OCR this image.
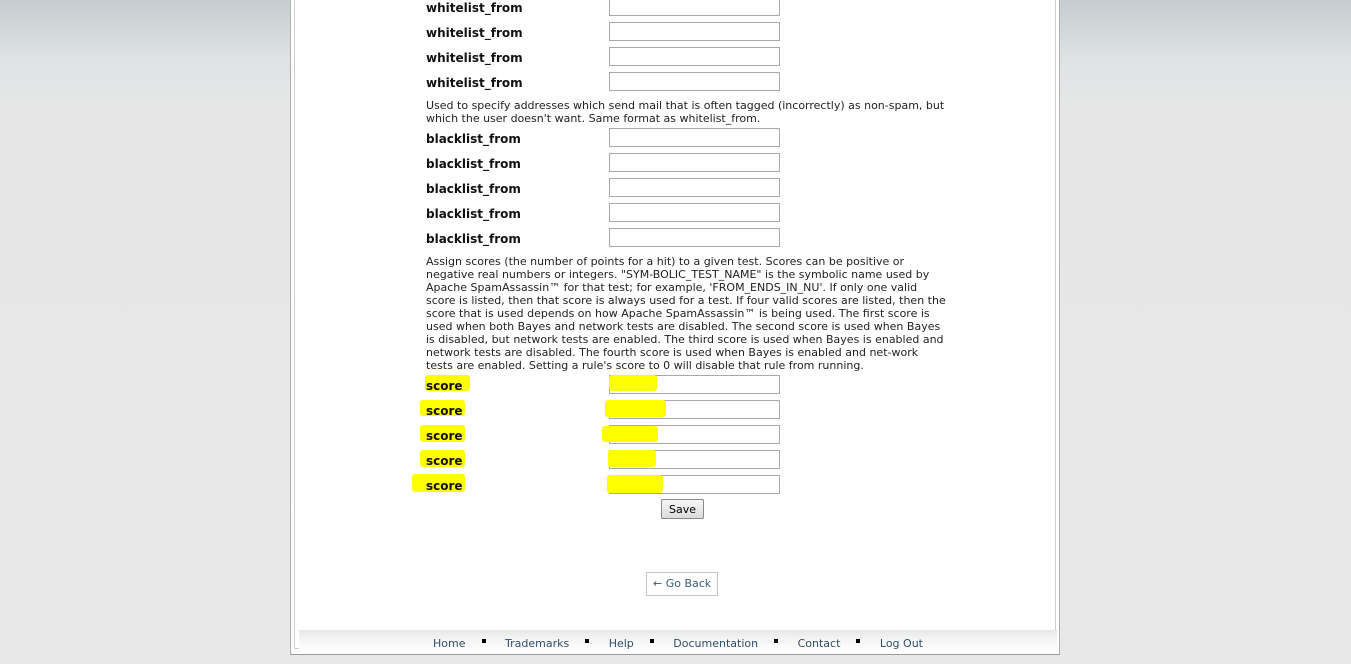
whitelist_from
whitelist_from
whitelist_from
whitelist_from
Used to specify addresses which send mail that is often tagged (incorrectly) as non-spam, but which the user doesn't want. Same format as whitelist_from.
blacklist_from
blacklist_from
blacklist_from
blacklist_from
blacklist_from
Assign scores (the number of points for a hit) to a given test. Scores can be positive or negative real numbers or integers. "SYM-BOLIC_TEST_NAME" is the symbolic name used by Apache SpamAssassin™ for that test; for example, 'FROM_ENDS_IN_NU'. If only one valid score is listed, then that score is always used for a test. If four valid scores are listed, then the score that is used depends on how Apache SpamAssassin™ is being used. The first score is used when both Bayes and network tests are disabled. The second score is used when Bayes is disabled, but network tests are enabled. The third score is used when Bayes is enabled and network tests are disabled. The fourth score is used when Bayes is enabled and net-work tests are enabled. Setting a rule's score to 0 will disable that rule from running.
score
score
score
score
score
Save
← Go Back
Home	Trademarks	Help	Documentation	Contact	Log Out
